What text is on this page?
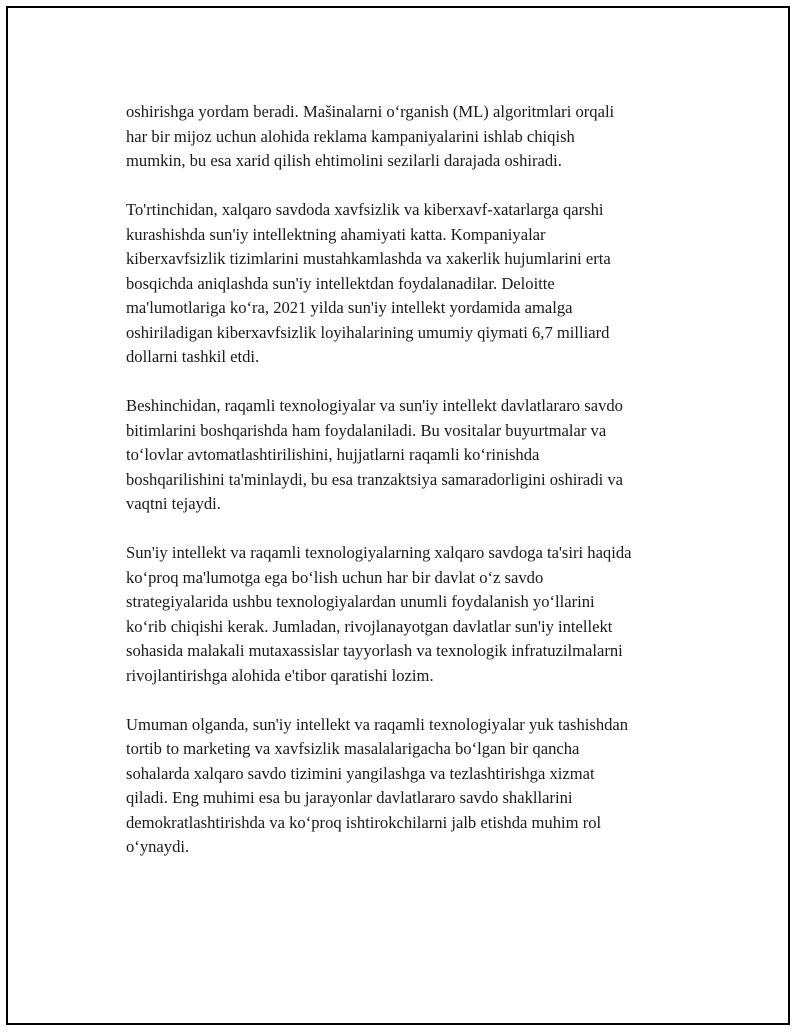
oshirishga yordam beradi. Mašinalarni o‘rganish (ML) algoritmlari orqali
har bir mijoz uchun alohida reklama kampaniyalarini ishlab chiqish
mumkin, bu esa xarid qilish ehtimolini sezilarli darajada oshiradi.

To'rtinchidan, xalqaro savdoda xavfsizlik va kiberxavf-xatarlarga qarshi
kurashishda sun'iy intellektning ahamiyati katta. Kompaniyalar
kiberxavfsizlik tizimlarini mustahkamlashda va xakerlik hujumlarini erta
bosqichda aniqlashda sun'iy intellektdan foydalanadilar. Deloitte
ma'lumotlariga ko‘ra, 2021 yilda sun'iy intellekt yordamida amalga
oshiriladigan kiberxavfsizlik loyihalarining umumiy qiymati 6,7 milliard
dollarni tashkil etdi.

Beshinchidan, raqamli texnologiyalar va sun'iy intellekt davlatlararo savdo
bitimlarini boshqarishda ham foydalaniladi. Bu vositalar buyurtmalar va
to‘lovlar avtomatlashtirilishini, hujjatlarni raqamli ko‘rinishda
boshqarilishini ta'minlaydi, bu esa tranzaktsiya samaradorligini oshiradi va
vaqtni tejaydi.

Sun'iy intellekt va raqamli texnologiyalarning xalqaro savdoga ta'siri haqida
ko‘proq ma'lumotga ega bo‘lish uchun har bir davlat o‘z savdo
strategiyalarida ushbu texnologiyalardan unumli foydalanish yo‘llarini
ko‘rib chiqishi kerak. Jumladan, rivojlanayotgan davlatlar sun'iy intellekt
sohasida malakali mutaxassislar tayyorlash va texnologik infratuzilmalarni
rivojlantirishga alohida e'tibor qaratishi lozim.

Umuman olganda, sun'iy intellekt va raqamli texnologiyalar yuk tashishdan
tortib to marketing va xavfsizlik masalalarigacha bo‘lgan bir qancha
sohalarda xalqaro savdo tizimini yangilashga va tezlashtirishga xizmat
qiladi. Eng muhimi esa bu jarayonlar davlatlararo savdo shakllarini
demokratlashtirishda va ko‘proq ishtirokchilarni jalb etishda muhim rol
o‘ynaydi.
